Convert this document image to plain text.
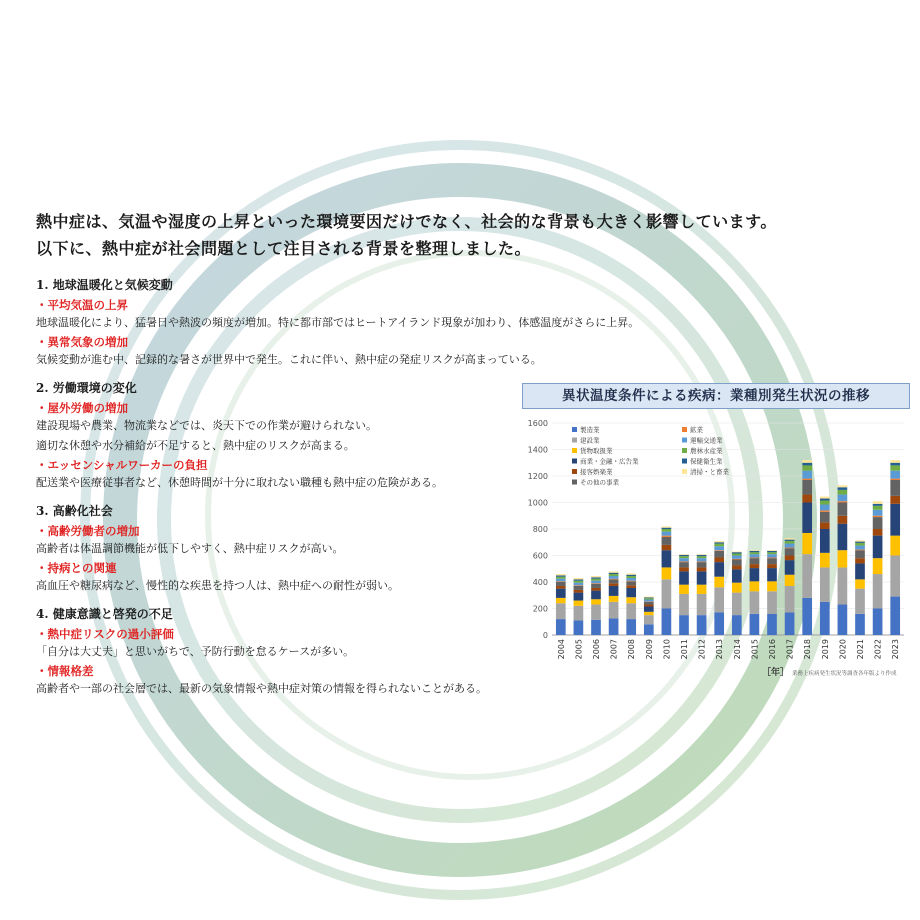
熱中症は、気温や湿度の上昇といった環境要因だけでなく、社会的な背景も大きく影響しています。
以下に、熱中症が社会問題として注目される背景を整理しました。
1. 地球温暖化と気候変動
・平均気温の上昇
地球温暖化により、猛暑日や熱波の頻度が増加。特に都市部ではヒートアイランド現象が加わり、体感温度がさらに上昇。
・異常気象の増加
気候変動が進む中、記録的な暑さが世界中で発生。これに伴い、熱中症の発症リスクが高まっている。
2. 労働環境の変化
・屋外労働の増加
建設現場や農業、物流業などでは、炎天下での作業が避けられない。
適切な休憩や水分補給が不足すると、熱中症のリスクが高まる。
・エッセンシャルワーカーの負担
配送業や医療従事者など、休憩時間が十分に取れない職種も熱中症の危険がある。
3. 高齢化社会
・高齢労働者の増加
高齢者は体温調節機能が低下しやすく、熱中症リスクが高い。
・持病との関連
高血圧や糖尿病など、慢性的な疾患を持つ人は、熱中症への耐性が弱い。
4. 健康意識と啓発の不足
・熱中症リスクの過小評価
「自分は大丈夫」と思いがちで、予防行動を怠るケースが多い。
・情報格差
高齢者や一部の社会層では、最新の気象情報や熱中症対策の情報を得られないことがある。
異状温度条件による疾病：業種別発生状況の推移
0
200
400
600
800
1000
1200
1400
1600
2004 2005 2006 2007 2008 2009 2010 2011 2012 2013 2014 2015 2016 2017 2018 2019 2020 2021 2022 2023
製造業
建設業
貨物取扱業
商業・金融・広告業
接客娯楽業
その他の事業
鉱業
運輸交通業
農林水産業
保健衛生業
清掃・と畜業
［年］ 業務上疾病発生状況等調査各年版より作成
